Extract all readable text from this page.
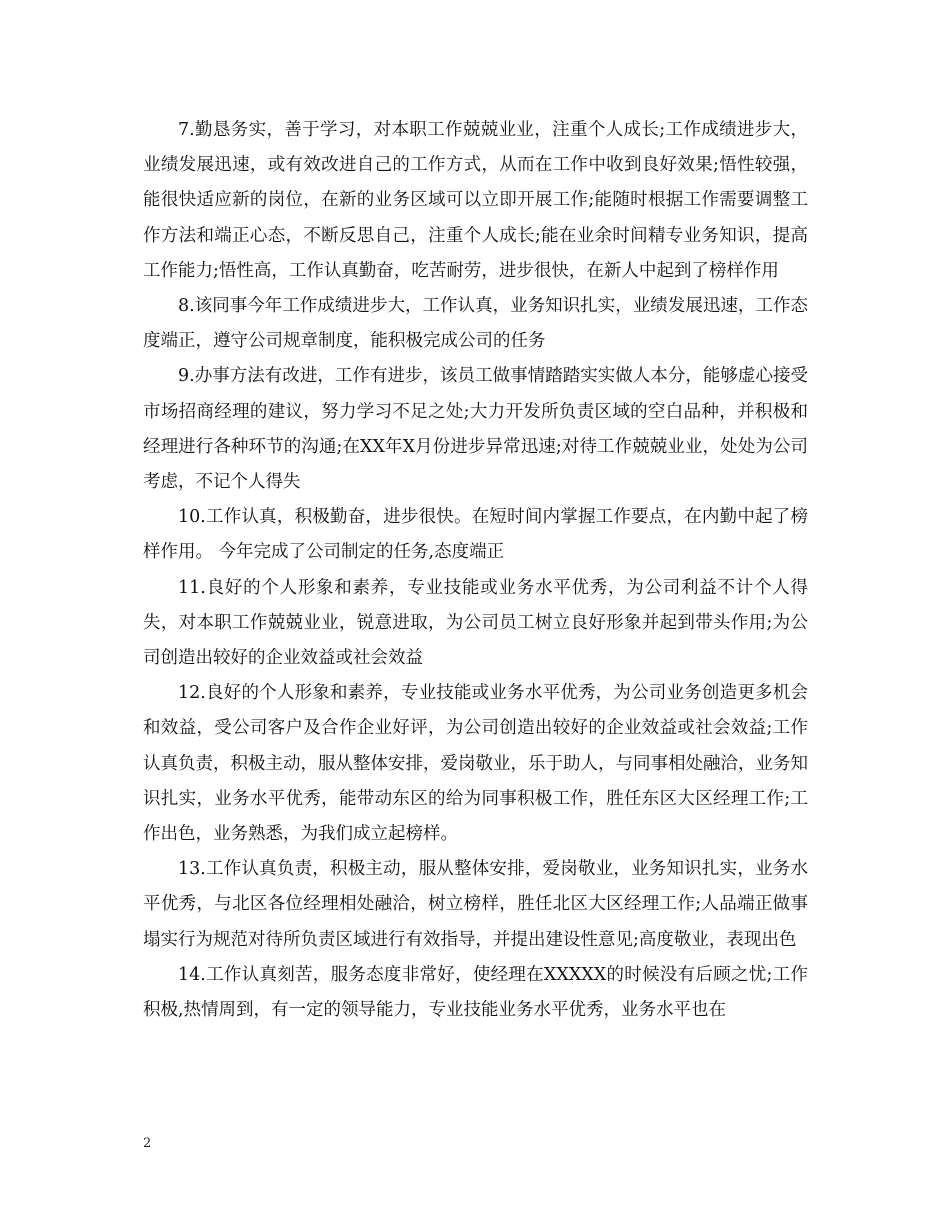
7.勤恳务实，善于学习，对本职工作兢兢业业，注重个人成长;工作成绩进步大，业绩发展迅速，或有效改进自己的工作方式，从而在工作中收到良好效果;悟性较强，能很快适应新的岗位，在新的业务区域可以立即开展工作;能随时根据工作需要调整工作方法和端正心态，不断反思自己，注重个人成长;能在业余时间精专业务知识，提高工作能力;悟性高，工作认真勤奋，吃苦耐劳，进步很快，在新人中起到了榜样作用

8.该同事今年工作成绩进步大，工作认真，业务知识扎实，业绩发展迅速，工作态度端正，遵守公司规章制度，能积极完成公司的任务

9.办事方法有改进，工作有进步，该员工做事情踏踏实实做人本分，能够虚心接受市场招商经理的建议，努力学习不足之处;大力开发所负责区域的空白品种，并积极和经理进行各种环节的沟通;在XX年X月份进步异常迅速;对待工作兢兢业业，处处为公司考虑，不记个人得失

10.工作认真，积极勤奋，进步很快。在短时间内掌握工作要点，在内勤中起了榜样作用。 今年完成了公司制定的任务,态度端正

11.良好的个人形象和素养，专业技能或业务水平优秀，为公司利益不计个人得失，对本职工作兢兢业业，锐意进取，为公司员工树立良好形象并起到带头作用;为公司创造出较好的企业效益或社会效益

12.良好的个人形象和素养，专业技能或业务水平优秀，为公司业务创造更多机会和效益，受公司客户及合作企业好评，为公司创造出较好的企业效益或社会效益;工作认真负责，积极主动，服从整体安排，爱岗敬业，乐于助人，与同事相处融洽，业务知识扎实，业务水平优秀，能带动东区的给为同事积极工作，胜任东区大区经理工作;工作出色，业务熟悉，为我们成立起榜样。

13.工作认真负责，积极主动，服从整体安排，爱岗敬业，业务知识扎实，业务水平优秀，与北区各位经理相处融洽，树立榜样，胜任北区大区经理工作;人品端正做事塌实行为规范对待所负责区域进行有效指导，并提出建设性意见;高度敬业，表现出色

14.工作认真刻苦，服务态度非常好，使经理在XXXXX的时候没有后顾之忧;工作积极,热情周到，有一定的领导能力，专业技能业务水平优秀，业务水平也在

2
